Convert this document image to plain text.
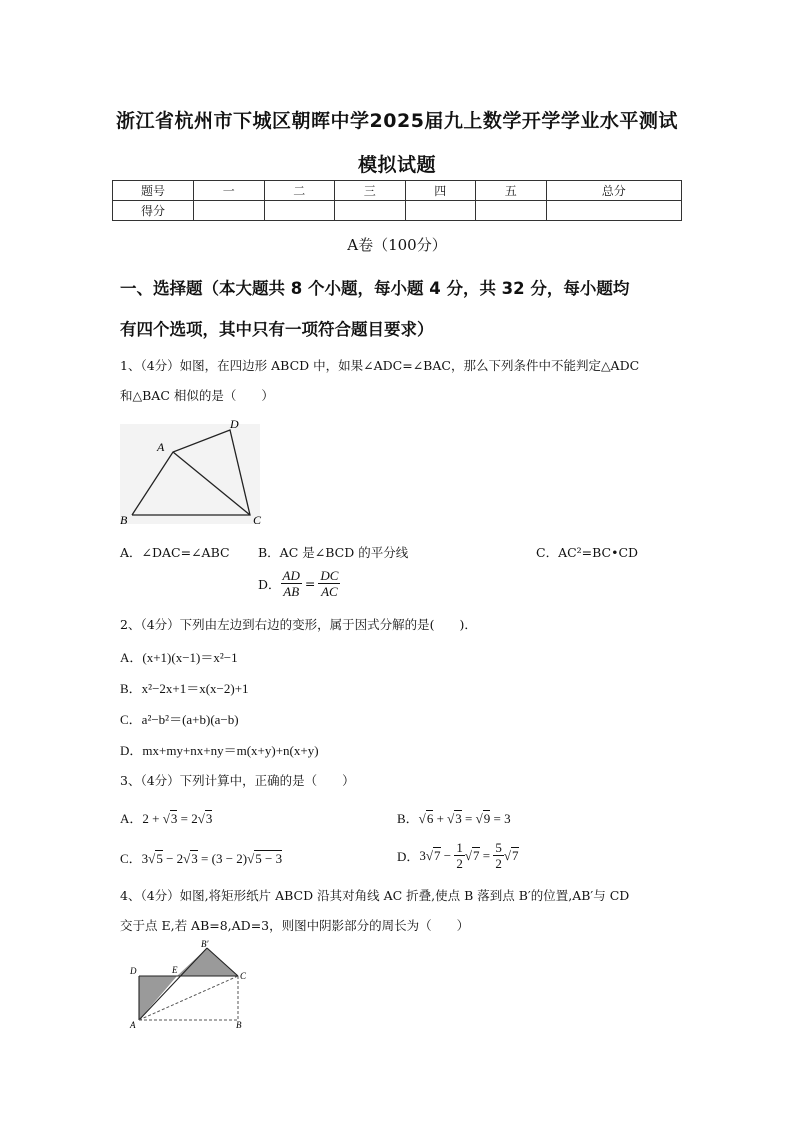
浙江省杭州市下城区朝晖中学2025届九上数学开学学业水平测试
模拟试题
题号	一	二	三	四	五	总分
得分						
A卷（100分）
一、选择题（本大题共 8 个小题，每小题 4 分，共 32 分，每小题均
有四个选项，其中只有一项符合题目要求）
1、（4分）如图，在四边形 ABCD 中，如果∠ADC=∠BAC，那么下列条件中不能判定△ADC
和△BAC 相似的是（　　）
A
B	C
D
A．∠DAC=∠ABC B．AC 是∠BCD 的平分线	C．AC²=BC•CD
D． $\frac{AD}{AB} = \frac{DC}{AC}$
2、（4分）下列由左边到右边的变形，属于因式分解的是(　　)．
A．(x+1)(x−1)＝x²−1
B．x²−2x+1＝x(x−2)+1
C．a²−b²＝(a+b)(a−b)
D．mx+my+nx+ny＝m(x+y)+n(x+y)
3、（4分）下列计算中，正确的是（　　）
A．2 + √3 = 2√3	B．√6 + √3 = √9 = 3
C．3√5 − 2√3 = (3 − 2)√5 − 3	D． 3 √ $7 - \frac{1}{2}$ √ $7 = \frac{5}{2}$ √ 7
4、（4分）如图,将矩形纸片 ABCD 沿其对角线 AC 折叠,使点 B 落到点 B′的位置,AB′与 CD
交于点 E,若 AB=8,AD=3，则图中阴影部分的周长为（　　）
A	B
C
D	E
B′
